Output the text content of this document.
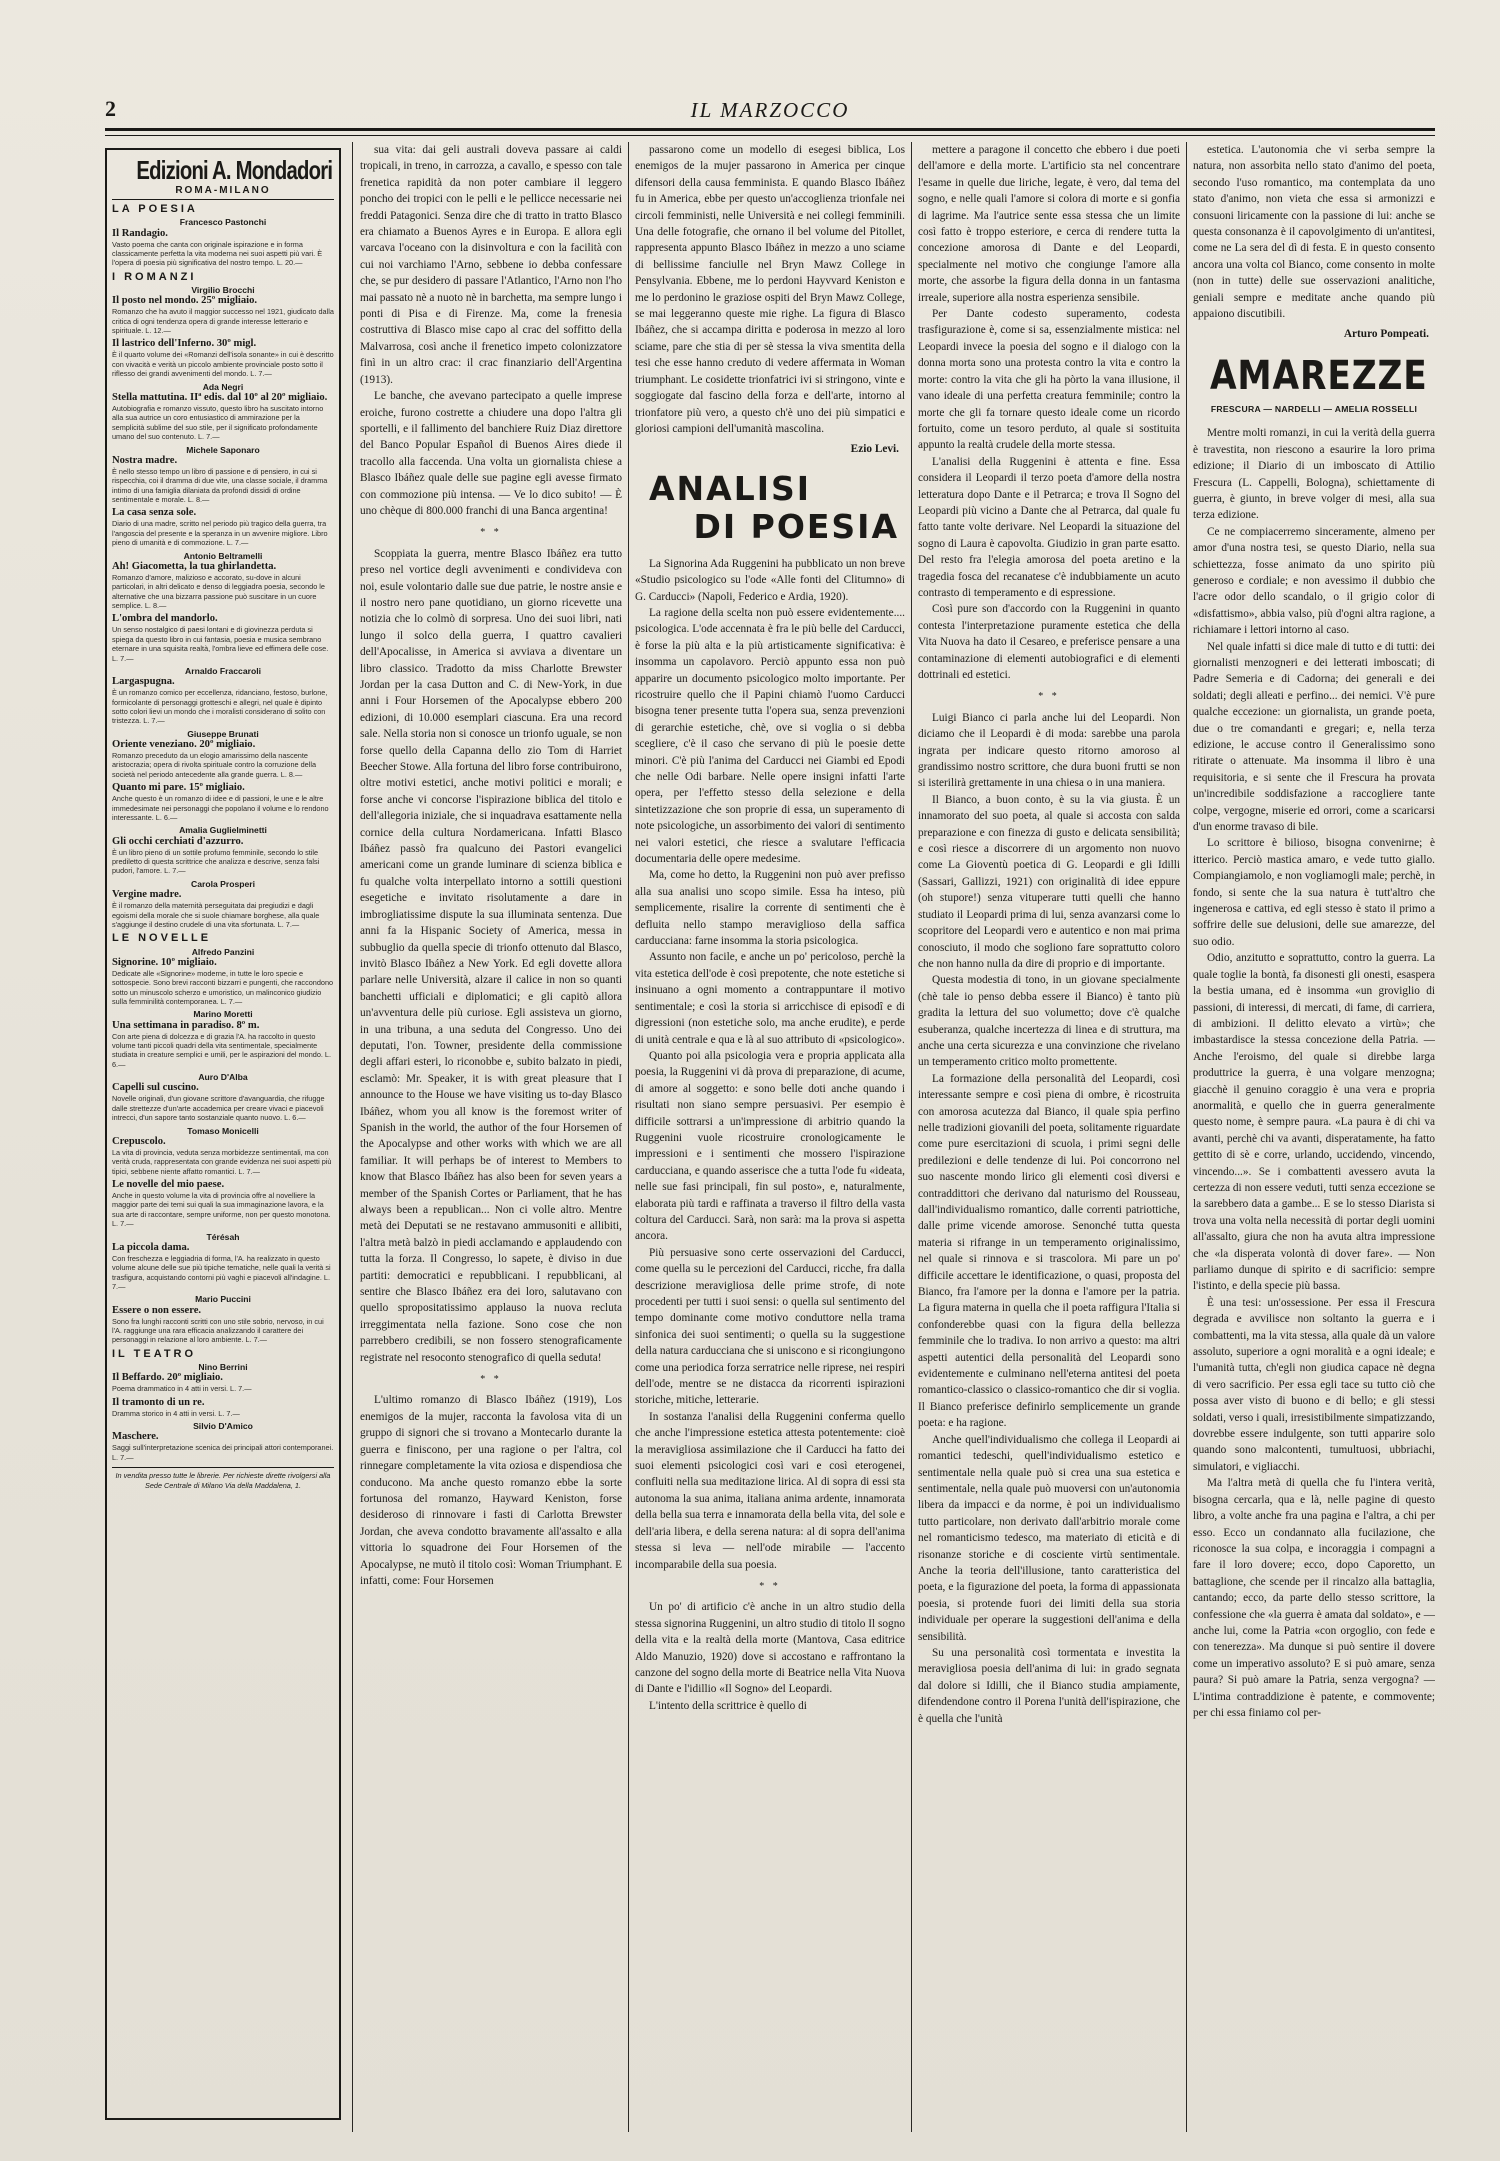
2	IL MARZOCCO
Edizioni A. Mondadori
ROMA-MILANO
LA POESIA
Francesco Pastonchi
Il Randagio.
Vasto poema che canta con originale ispirazione e in forma classicamente perfetta la vita moderna nei suoi aspetti più vari. È l'opera di poesia più significativa del nostro tempo. L. 20.—
I ROMANZI
Virgilio Brocchi
Il posto nel mondo. 25º migliaio.
Romanzo che ha avuto il maggior successo nel 1921, giudicato dalla critica di ogni tendenza opera di grande interesse letterario e spirituale. L. 12.—
Il lastrico dell'Inferno. 30º migl.
È il quarto volume dei «Romanzi dell'isola sonante» in cui è descritto con vivacità e verità un piccolo ambiente provinciale posto sotto il riflesso dei grandi avvenimenti del mondo. L. 7.—
Ada Negri
Stella mattutina. IIª edis. dal 10º al 20º migliaio.
Autobiografia e romanzo vissuto, questo libro ha suscitato intorno alla sua autrice un coro entusiastico di ammirazione per la semplicità sublime del suo stile, per il significato profondamente umano del suo contenuto. L. 7.—
Michele Saponaro
Nostra madre.
È nello stesso tempo un libro di passione e di pensiero, in cui si rispecchia, coi il dramma di due vite, una classe sociale, il dramma intimo di una famiglia dilaniata da profondi dissidi di ordine sentimentale e morale. L. 8.—
La casa senza sole.
Diario di una madre, scritto nel periodo più tragico della guerra, tra l'angoscia del presente e la speranza in un avvenire migliore. Libro pieno di umanità e di commozione. L. 7.—
Antonio Beltramelli
Ah! Giacometta, la tua ghirlandetta.
Romanzo d'amore, malizioso e accorato, su-dove in alcuni particolari, in altri delicato e denso di leggiadra poesia, secondo le alternative che una bizzarra passione può suscitare in un cuore semplice. L. 8.—
L'ombra del mandorlo.
Un senso nostalgico di paesi lontani e di giovinezza perduta si spiega da questo libro in cui fantasia, poesia e musica sembrano eternare in una squisita realtà, l'ombra lieve ed effimera delle cose. L. 7.—
Arnaldo Fraccaroli
Largaspugna.
È un romanzo comico per eccellenza, ridanciano, festoso, burlone, formicolante di personaggi grotteschi e allegri, nel quale è dipinto sotto colori lievi un mondo che i moralisti considerano di solito con tristezza. L. 7.—
Giuseppe Brunati
Oriente veneziano. 20º migliaio.
Romanzo preceduto da un elogio amarissimo della nascente aristocrazia; opera di rivolta spirituale contro la corruzione della società nel periodo antecedente alla grande guerra. L. 8.—
Quanto mi pare. 15º migliaio.
Anche questo è un romanzo di idee e di passioni, le une e le altre immedesimate nei personaggi che popolano il volume e lo rendono interessante. L. 6.—
Amalia Guglielminetti
Gli occhi cerchiati d'azzurro.
È un libro pieno di un sottile profumo femminile, secondo lo stile prediletto di questa scrittrice che analizza e descrive, senza falsi pudori, l'amore. L. 7.—
Carola Prosperi
Vergine madre.
È il romanzo della maternità perseguitata dai pregiudizi e dagli egoismi della morale che si suole chiamare borghese, alla quale s'aggiunge il destino crudele di una vita sfortunata. L. 7.—
LE NOVELLE
Alfredo Panzini
Signorine. 10º migliaio.
Dedicate alle «Signorine» moderne, in tutte le loro specie e sottospecie. Sono brevi racconti bizzarri e pungenti, che raccondono sotto un minuscolo scherzo e umoristico, un malinconico giudizio sulla femminilità contemporanea. L. 7.—
Marino Moretti
Una settimana in paradiso. 8º m.
Con arte piena di dolcezza e di grazia l'A. ha raccolto in questo volume tanti piccoli quadri della vita sentimentale, specialmente studiata in creature semplici e umili, per le aspirazioni del mondo. L. 6.—
Auro D'Alba
Capelli sul cuscino.
Novelle originali, d'un giovane scrittore d'avanguardia, che rifugge dalle strettezze d'un'arte accademica per creare vivaci e piacevoli intrecci, d'un sapore tanto sostanziale quanto nuovo. L. 6.—
Tomaso Monicelli
Crepuscolo.
La vita di provincia, veduta senza morbidezze sentimentali, ma con verità cruda, rappresentata con grande evidenza nei suoi aspetti più tipici, sebbene niente affatto romantici. L. 7.—
Le novelle del mio paese.
Anche in questo volume la vita di provincia offre al novelliere la maggior parte dei temi sui quali la sua immaginazione lavora, e la sua arte di raccontare, sempre uniforme, non per questo monotona. L. 7.—
Térésah
La piccola dama.
Con freschezza e leggiadria di forma, l'A. ha realizzato in questo volume alcune delle sue più tipiche tematiche, nelle quali la verità si trasfigura, acquistando contorni più vaghi e piacevoli all'indagine. L. 7.—
Mario Puccini
Essere o non essere.
Sono fra lunghi racconti scritti con uno stile sobrio, nervoso, in cui l'A. raggiunge una rara efficacia analizzando il carattere dei personaggi in relazione al loro ambiente. L. 7.—
IL TEATRO
Nino Berrini
Il Beffardo. 20º migliaio.
Poema drammatico in 4 atti in versi. L. 7.—
Il tramonto di un re.
Dramma storico in 4 atti in versi. L. 7.—
Silvio D'Amico
Maschere.
Saggi sull'interpretazione scenica dei principali attori contemporanei. L. 7.—
In vendita presso tutte le librerie. Per richieste dirette rivolgersi alla Sede Centrale di Milano Via della Maddalena, 1.

sua vita: dai geli australi doveva passare ai caldi tropicali, in treno, in carrozza, a cavallo, e spesso con tale frenetica rapidità da non poter cambiare il leggero poncho dei tropici con le pelli e le pellicce necessarie nei freddi Patagonici. Senza dire che di tratto in tratto Blasco era chiamato a Buenos Ayres e in Europa. E allora egli varcava l'oceano con la disinvoltura e con la facilità con cui noi varchiamo l'Arno, sebbene io debba confessare che, se pur desidero di passare l'Atlantico, l'Arno non l'ho mai passato nè a nuoto nè in barchetta, ma sempre lungo i ponti di Pisa e di Firenze. Ma, come la frenesia costruttiva di Blasco mise capo al crac del soffitto della Malvarrosa, così anche il frenetico impeto colonizzatore finì in un altro crac: il crac finanziario dell'Argentina (1913).

Le banche, che avevano partecipato a quelle imprese eroiche, furono costrette a chiudere una dopo l'altra gli sportelli, e il fallimento del banchiere Ruiz Diaz direttore del Banco Popular Español di Buenos Aires diede il tracollo alla faccenda. Una volta un giornalista chiese a Blasco Ibáñez quale delle sue pagine egli avesse firmato con commozione più intensa. — Ve lo dico subito! — È uno chèque di 800.000 franchi di una Banca argentina!

* *

Scoppiata la guerra, mentre Blasco Ibáñez era tutto preso nel vortice degli avvenimenti e condivideva con noi, esule volontario dalle sue due patrie, le nostre ansie e il nostro nero pane quotidiano, un giorno ricevette una notizia che lo colmò di sorpresa. Uno dei suoi libri, nati lungo il solco della guerra, I quattro cavalieri dell'Apocalisse, in America si avviava a diventare un libro classico. Tradotto da miss Charlotte Brewster Jordan per la casa Dutton and C. di New-York, in due anni i Four Horsemen of the Apocalypse ebbero 200 edizioni, di 10.000 esemplari ciascuna. Era una record sale. Nella storia non si conosce un trionfo uguale, se non forse quello della Capanna dello zio Tom di Harriet Beecher Stowe. Alla fortuna del libro forse contribuirono, oltre motivi estetici, anche motivi politici e morali; e forse anche vi concorse l'ispirazione biblica del titolo e dell'allegoria iniziale, che si inquadrava esattamente nella cornice della cultura Nordamericana. Infatti Blasco Ibáñez passò fra qualcuno dei Pastori evangelici americani come un grande luminare di scienza biblica e fu qualche volta interpellato intorno a sottili questioni esegetiche e invitato risolutamente a dare in imbrogliatissime dispute la sua illuminata sentenza. Due anni fa la Hispanic Society of America, messa in subbuglio da quella specie di trionfo ottenuto dal Blasco, invitò Blasco Ibáñez a New York. Ed egli dovette allora parlare nelle Università, alzare il calice in non so quanti banchetti ufficiali e diplomatici; e gli capitò allora un'avventura delle più curiose. Egli assisteva un giorno, in una tribuna, a una seduta del Congresso. Uno dei deputati, l'on. Towner, presidente della commissione degli affari esteri, lo riconobbe e, subito balzato in piedi, esclamò: Mr. Speaker, it is with great pleasure that I announce to the House we have visiting us to-day Blasco Ibáñez, whom you all know is the foremost writer of Spanish in the world, the author of the four Horsemen of the Apocalypse and other works with which we are all familiar. It will perhaps be of interest to Members to know that Blasco Ibáñez has also been for seven years a member of the Spanish Cortes or Parliament, that he has always been a republican... Non ci volle altro. Mentre metà dei Deputati se ne restavano ammusoniti e allibiti, l'altra metà balzò in piedi acclamando e applaudendo con tutta la forza. Il Congresso, lo sapete, è diviso in due partiti: democratici e repubblicani. I repubblicani, al sentire che Blasco Ibáñez era dei loro, salutavano con quello spropositatissimo applauso la nuova recluta irreggimentata nella fazione. Sono cose che non parrebbero credibili, se non fossero stenograficamente registrate nel resoconto stenografico di quella seduta!

* *

L'ultimo romanzo di Blasco Ibáñez (1919), Los enemigos de la mujer, racconta la favolosa vita di un gruppo di signori che si trovano a Montecarlo durante la guerra e finiscono, per una ragione o per l'altra, col rinnegare completamente la vita oziosa e dispendiosa che conducono. Ma anche questo romanzo ebbe la sorte fortunosa del romanzo, Hayward Keniston, forse desideroso di rinnovare i fasti di Carlotta Brewster Jordan, che aveva condotto bravamente all'assalto e alla vittoria lo squadrone dei Four Horsemen of the Apocalypse, ne mutò il titolo così: Woman Triumphant. E infatti, come: Four Horsemen

passarono come un modello di esegesi biblica, Los enemigos de la mujer passarono in America per cinque difensori della causa femminista. E quando Blasco Ibáñez fu in America, ebbe per questo un'accoglienza trionfale nei circoli femministi, nelle Università e nei collegi femminili. Una delle fotografie, che ornano il bel volume del Pitollet, rappresenta appunto Blasco Ibáñez in mezzo a uno sciame di bellissime fanciulle nel Bryn Mawz College in Pensylvania. Ebbene, me lo perdoni Hayvvard Keniston e me lo perdonino le graziose ospiti del Bryn Mawz College, se mai leggeranno queste mie righe. La figura di Blasco Ibáñez, che si accampa diritta e poderosa in mezzo al loro sciame, pare che stia di per sè stessa la viva smentita della tesi che esse hanno creduto di vedere affermata in Woman triumphant. Le cosidette trionfatrici ivi si stringono, vinte e soggiogate dal fascino della forza e dell'arte, intorno al trionfatore più vero, a questo ch'è uno dei più simpatici e gloriosi campioni dell'umanità mascolina.

Ezio Levi.
ANALISI
DI POESIA

La Signorina Ada Ruggenini ha pubblicato un non breve «Studio psicologico su l'ode «Alle fonti del Clitumno» di G. Carducci» (Napoli, Federico e Ardia, 1920).

La ragione della scelta non può essere evidentemente.... psicologica. L'ode accennata è fra le più belle del Carducci, è forse la più alta e la più artisticamente significativa: è insomma un capolavoro. Perciò appunto essa non può apparire un documento psicologico molto importante. Per ricostruire quello che il Papini chiamò l'uomo Carducci bisogna tener presente tutta l'opera sua, senza prevenzioni di gerarchie estetiche, chè, ove si voglia o si debba scegliere, c'è il caso che servano di più le poesie dette minori. C'è più l'anima del Carducci nei Giambi ed Epodi che nelle Odi barbare. Nelle opere insigni infatti l'arte opera, per l'effetto stesso della selezione e della sintetizzazione che son proprie di essa, un superamento di note psicologiche, un assorbimento dei valori di sentimento nei valori estetici, che riesce a svalutare l'efficacia documentaria delle opere medesime.

Ma, come ho detto, la Ruggenini non può aver prefisso alla sua analisi uno scopo simile. Essa ha inteso, più semplicemente, risalire la corrente di sentimenti che è defluita nello stampo meraviglioso della saffica carducciana: farne insomma la storia psicologica.

Assunto non facile, e anche un po' pericoloso, perchè la vita estetica dell'ode è così prepotente, che note estetiche si insinuano a ogni momento a contrappuntare il motivo sentimentale; e così la storia si arricchisce di episodî e di digressioni (non estetiche solo, ma anche erudite), e perde di unità centrale e qua e là al suo attributo di «psicologico».

Quanto poi alla psicologia vera e propria applicata alla poesia, la Ruggenini vi dà prova di preparazione, di acume, di amore al soggetto: e sono belle doti anche quando i risultati non siano sempre persuasivi. Per esempio è difficile sottrarsi a un'impressione di arbitrio quando la Ruggenini vuole ricostruire cronologicamente le impressioni e i sentimenti che mossero l'ispirazione carducciana, e quando asserisce che a tutta l'ode fu «ideata, nelle sue fasi principali, fin sul posto», e, naturalmente, elaborata più tardi e raffinata a traverso il filtro della vasta coltura del Carducci. Sarà, non sarà: ma la prova si aspetta ancora.

Più persuasive sono certe osservazioni del Carducci, come quella su le percezioni del Carducci, ricche, fra dalla descrizione meravigliosa delle prime strofe, di note procedenti per tutti i suoi sensi: o quella sul sentimento del tempo dominante come motivo conduttore nella trama sinfonica dei suoi sentimenti; o quella su la suggestione della natura carducciana che si uniscono e si ricongiungono come una periodica forza serratrice nelle riprese, nei respiri dell'ode, mentre se ne distacca da ricorrenti ispirazioni storiche, mitiche, letterarie.

In sostanza l'analisi della Ruggenini conferma quello che anche l'impressione estetica attesta potentemente: cioè la meravigliosa assimilazione che il Carducci ha fatto dei suoi elementi psicologici così vari e così eterogenei, confluiti nella sua meditazione lirica. Al di sopra di essi sta autonoma la sua anima, italiana anima ardente, innamorata della bella sua terra e innamorata della bella vita, del sole e dell'aria libera, e della serena natura: al di sopra dell'anima stessa si leva — nell'ode mirabile — l'accento incomparabile della sua poesia.

* *

Un po' di artificio c'è anche in un altro studio della stessa signorina Ruggenini, un altro studio di titolo Il sogno della vita e la realtà della morte (Mantova, Casa editrice Aldo Manuzio, 1920) dove si accostano e raffrontano la canzone del sogno della morte di Beatrice nella Vita Nuova di Dante e l'idillio «Il Sogno» del Leopardi.

L'intento della scrittrice è quello di

mettere a paragone il concetto che ebbero i due poeti dell'amore e della morte. L'artificio sta nel concentrare l'esame in quelle due liriche, legate, è vero, dal tema del sogno, e nelle quali l'amore si colora di morte e si gonfia di lagrime. Ma l'autrice sente essa stessa che un limite così fatto è troppo esteriore, e cerca di rendere tutta la concezione amorosa di Dante e del Leopardi, specialmente nel motivo che congiunge l'amore alla morte, che assorbe la figura della donna in un fantasma irreale, superiore alla nostra esperienza sensibile.

Per Dante codesto superamento, codesta trasfigurazione è, come si sa, essenzialmente mistica: nel Leopardi invece la poesia del sogno e il dialogo con la donna morta sono una protesta contro la vita e contro la morte: contro la vita che gli ha pòrto la vana illusione, il vano ideale di una perfetta creatura femminile; contro la morte che gli fa tornare questo ideale come un ricordo fortuito, come un tesoro perduto, al quale si sostituita appunto la realtà crudele della morte stessa.

L'analisi della Ruggenini è attenta e fine. Essa considera il Leopardi il terzo poeta d'amore della nostra letteratura dopo Dante e il Petrarca; e trova Il Sogno del Leopardi più vicino a Dante che al Petrarca, dal quale fu fatto tante volte derivare. Nel Leopardi la situazione del sogno di Laura è capovolta. Giudizio in gran parte esatto. Del resto fra l'elegia amorosa del poeta aretino e la tragedia fosca del recanatese c'è indubbiamente un acuto contrasto di temperamento e di espressione.

Così pure son d'accordo con la Ruggenini in quanto contesta l'interpretazione puramente estetica che della Vita Nuova ha dato il Cesareo, e preferisce pensare a una contaminazione di elementi autobiografici e di elementi dottrinali ed estetici.

* *

Luigi Bianco ci parla anche lui del Leopardi. Non diciamo che il Leopardi è di moda: sarebbe una parola ingrata per indicare questo ritorno amoroso al grandissimo nostro scrittore, che dura buoni frutti se non si isterilirà grettamente in una chiesa o in una maniera.

Il Bianco, a buon conto, è su la via giusta. È un innamorato del suo poeta, al quale si accosta con salda preparazione e con finezza di gusto e delicata sensibilità; e così riesce a discorrere di un argomento non nuovo come La Gioventù poetica di G. Leopardi e gli Idilli (Sassari, Gallizzi, 1921) con originalità di idee eppure (oh stupore!) senza vituperare tutti quelli che hanno studiato il Leopardi prima di lui, senza avanzarsi come lo scopritore del Leopardi vero e autentico e non mai prima conosciuto, il modo che sogliono fare soprattutto coloro che non hanno nulla da dire di proprio e di importante.

Questa modestia di tono, in un giovane specialmente (chè tale io penso debba essere il Bianco) è tanto più gradita la lettura del suo volumetto; dove c'è qualche esuberanza, qualche incertezza di linea e di struttura, ma anche una certa sicurezza e una convinzione che rivelano un temperamento critico molto promettente.

La formazione della personalità del Leopardi, così interessante sempre e così piena di ombre, è ricostruita con amorosa acutezza dal Bianco, il quale spia perfino nelle tradizioni giovanili del poeta, solitamente riguardate come pure esercitazioni di scuola, i primi segni delle predilezioni e delle tendenze di lui. Poi concorrono nel suo nascente mondo lirico gli elementi così diversi e contraddittori che derivano dal naturismo del Rousseau, dall'individualismo romantico, dalle correnti patriottiche, dalle prime vicende amorose. Senonché tutta questa materia si rifrange in un temperamento originalissimo, nel quale si rinnova e si trascolora. Mi pare un po' difficile accettare le identificazione, o quasi, proposta del Bianco, fra l'amore per la donna e l'amore per la patria. La figura materna in quella che il poeta raffigura l'Italia si confonderebbe quasi con la figura della bellezza femminile che lo tradiva. Io non arrivo a questo: ma altri aspetti autentici della personalità del Leopardi sono evidentemente e culminano nell'eterna antitesi del poeta romantico-classico o classico-romantico che dir si voglia. Il Bianco preferisce definirlo semplicemente un grande poeta: e ha ragione.

Anche quell'individualismo che collega il Leopardi ai romantici tedeschi, quell'individualismo estetico e sentimentale nella quale può si crea una sua estetica e sentimentale, nella quale può muoversi con un'autonomia libera da impacci e da norme, è poi un individualismo tutto particolare, non derivato dall'arbitrio morale come nel romanticismo tedesco, ma materiato di eticità e di risonanze storiche e di cosciente virtù sentimentale. Anche la teoria dell'illusione, tanto caratteristica del poeta, e la figurazione del poeta, la forma di appassionata poesia, si protende fuori dei limiti della sua storia individuale per operare la suggestioni dell'anima e della sensibilità.

Su una personalità così tormentata e investita la meravigliosa poesia dell'anima di lui: in grado segnata dal dolore si Idilli, che il Bianco studia ampiamente, difendendone contro il Porena l'unità dell'ispirazione, che è quella che l'unità

estetica. L'autonomia che vi serba sempre la natura, non assorbita nello stato d'animo del poeta, secondo l'uso romantico, ma contemplata da uno stato d'animo, non vieta che essa si armonizzi e consuoni liricamente con la passione di lui: anche se questa consonanza è il capovolgimento di un'antitesi, come ne La sera del dì di festa. E in questo consento ancora una volta col Bianco, come consento in molte (non in tutte) delle sue osservazioni analitiche, geniali sempre e meditate anche quando più appaiono discutibili.

Arturo Pompeati.
AMAREZZE
FRESCURA — NARDELLI — AMELIA ROSSELLI

Mentre molti romanzi, in cui la verità della guerra è travestita, non riescono a esaurire la loro prima edizione; il Diario di un imboscato di Attilio Frescura (L. Cappelli, Bologna), schiettamente di guerra, è giunto, in breve volger di mesi, alla sua terza edizione.

Ce ne compiacerremo sinceramente, almeno per amor d'una nostra tesi, se questo Diario, nella sua schiettezza, fosse animato da uno spirito più generoso e cordiale; e non avessimo il dubbio che l'acre odor dello scandalo, o il grigio color di «disfattismo», abbia valso, più d'ogni altra ragione, a richiamare i lettori intorno al caso.

Nel quale infatti si dice male di tutto e di tutti: dei giornalisti menzogneri e dei letterati imboscati; di Padre Semeria e di Cadorna; dei generali e dei soldati; degli alleati e perfino... dei nemici. V'è pure qualche eccezione: un giornalista, un grande poeta, due o tre comandanti e gregari; e, nella terza edizione, le accuse contro il Generalissimo sono ritirate o attenuate. Ma insomma il libro è una requisitoria, e si sente che il Frescura ha provata un'incredibile soddisfazione a raccogliere tante colpe, vergogne, miserie ed orrori, come a scaricarsi d'un enorme travaso di bile.

Lo scrittore è bilioso, bisogna convenirne; è itterico. Perciò mastica amaro, e vede tutto giallo. Compiangiamolo, e non vogliamogli male; perchè, in fondo, si sente che la sua natura è tutt'altro che ingenerosa e cattiva, ed egli stesso è stato il primo a soffrire delle sue delusioni, delle sue amarezze, del suo odio.

Odio, anzitutto e soprattutto, contro la guerra. La quale toglie la bontà, fa disonesti gli onesti, esaspera la bestia umana, ed è insomma «un groviglio di passioni, di interessi, di mercati, di fame, di carriera, di ambizioni. Il delitto elevato a virtù»; che imbastardisce la stessa concezione della Patria. — Anche l'eroismo, del quale si direbbe larga produttrice la guerra, è una volgare menzogna; giacchè il genuino coraggio è una vera e propria anormalità, e quello che in guerra generalmente questo nome, è sempre paura. «La paura è di chi va avanti, perchè chi va avanti, disperatamente, ha fatto gettito di sè e corre, urlando, uccidendo, vincendo, vincendo...». Se i combattenti avessero avuta la certezza di non essere veduti, tutti senza eccezione se la sarebbero data a gambe... E se lo stesso Diarista si trova una volta nella necessità di portar degli uomini all'assalto, giura che non ha avuta altra impressione che «la disperata volontà di dover fare». — Non parliamo dunque di spirito e di sacrificio: sempre l'istinto, e della specie più bassa.

È una tesi: un'ossessione. Per essa il Frescura degrada e avvilisce non soltanto la guerra e i combattenti, ma la vita stessa, alla quale dà un valore assoluto, superiore a ogni moralità e a ogni ideale; e l'umanità tutta, ch'egli non giudica capace nè degna di vero sacrificio. Per essa egli tace su tutto ciò che possa aver visto di buono e di bello; e gli stessi soldati, verso i quali, irresistibilmente simpatizzando, dovrebbe essere indulgente, son tutti apparire solo quando sono malcontenti, tumultuosi, ubbriachi, simulatori, e vigliacchi.

Ma l'altra metà di quella che fu l'intera verità, bisogna cercarla, qua e là, nelle pagine di questo libro, a volte anche fra una pagina e l'altra, a chi per esso. Ecco un condannato alla fucilazione, che riconosce la sua colpa, e incoraggia i compagni a fare il loro dovere; ecco, dopo Caporetto, un battaglione, che scende per il rincalzo alla battaglia, cantando; ecco, da parte dello stesso scrittore, la confessione che «la guerra è amata dal soldato», e — anche lui, come la Patria «con orgoglio, con fede e con tenerezza». Ma dunque si può sentire il dovere come un imperativo assoluto? E si può amare, senza paura? Si può amare la Patria, senza vergogna? — L'intima contraddizione è patente, e commovente; per chi essa finiamo col per-
